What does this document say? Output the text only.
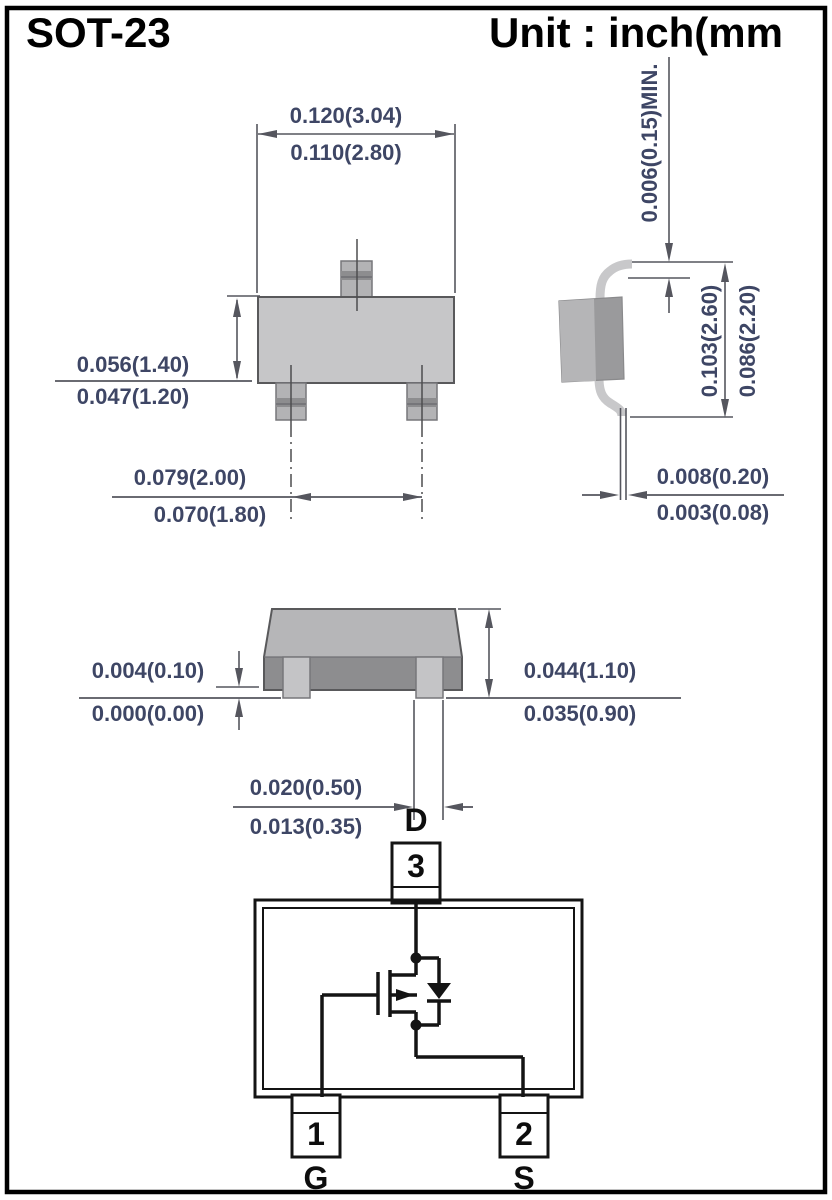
SOT-23	Unit : inch(mm
0.120(3.04)
0.110(2.80)
0.056(1.40)
0.047(1.20)
0.079(2.00)
0.070(1.80)
0.006(0.15)MIN.
0.103(2.60) 0.086(2.20)
0.008(0.20)
0.003(0.08)
0.004(0.10)
0.000(0.00)
0.044(1.10)
0.035(0.90)
0.020(0.50)
0.013(0.35) D
3
1	2
G	S
